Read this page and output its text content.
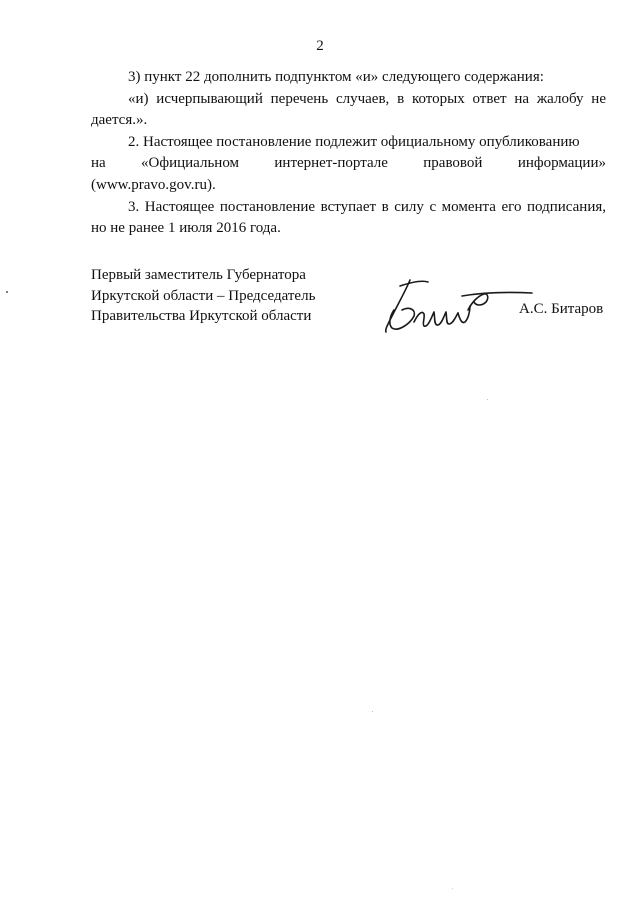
2

3) пункт 22 дополнить подпунктом «и» следующего содержания:

«и) исчерпывающий перечень случаев, в которых ответ на жалобу не дается.».

2. Настоящее постановление подлежит официальному опубликованию

на «Официальном интернет-портале правовой информации»

(www.pravo.gov.ru).

3. Настоящее постановление вступает в силу с момента его подписания, но не ранее 1 июля 2016 года.

Первый заместитель Губернатора
Иркутской области – Председатель
Правительства Иркутской области	А.С. Битаров
